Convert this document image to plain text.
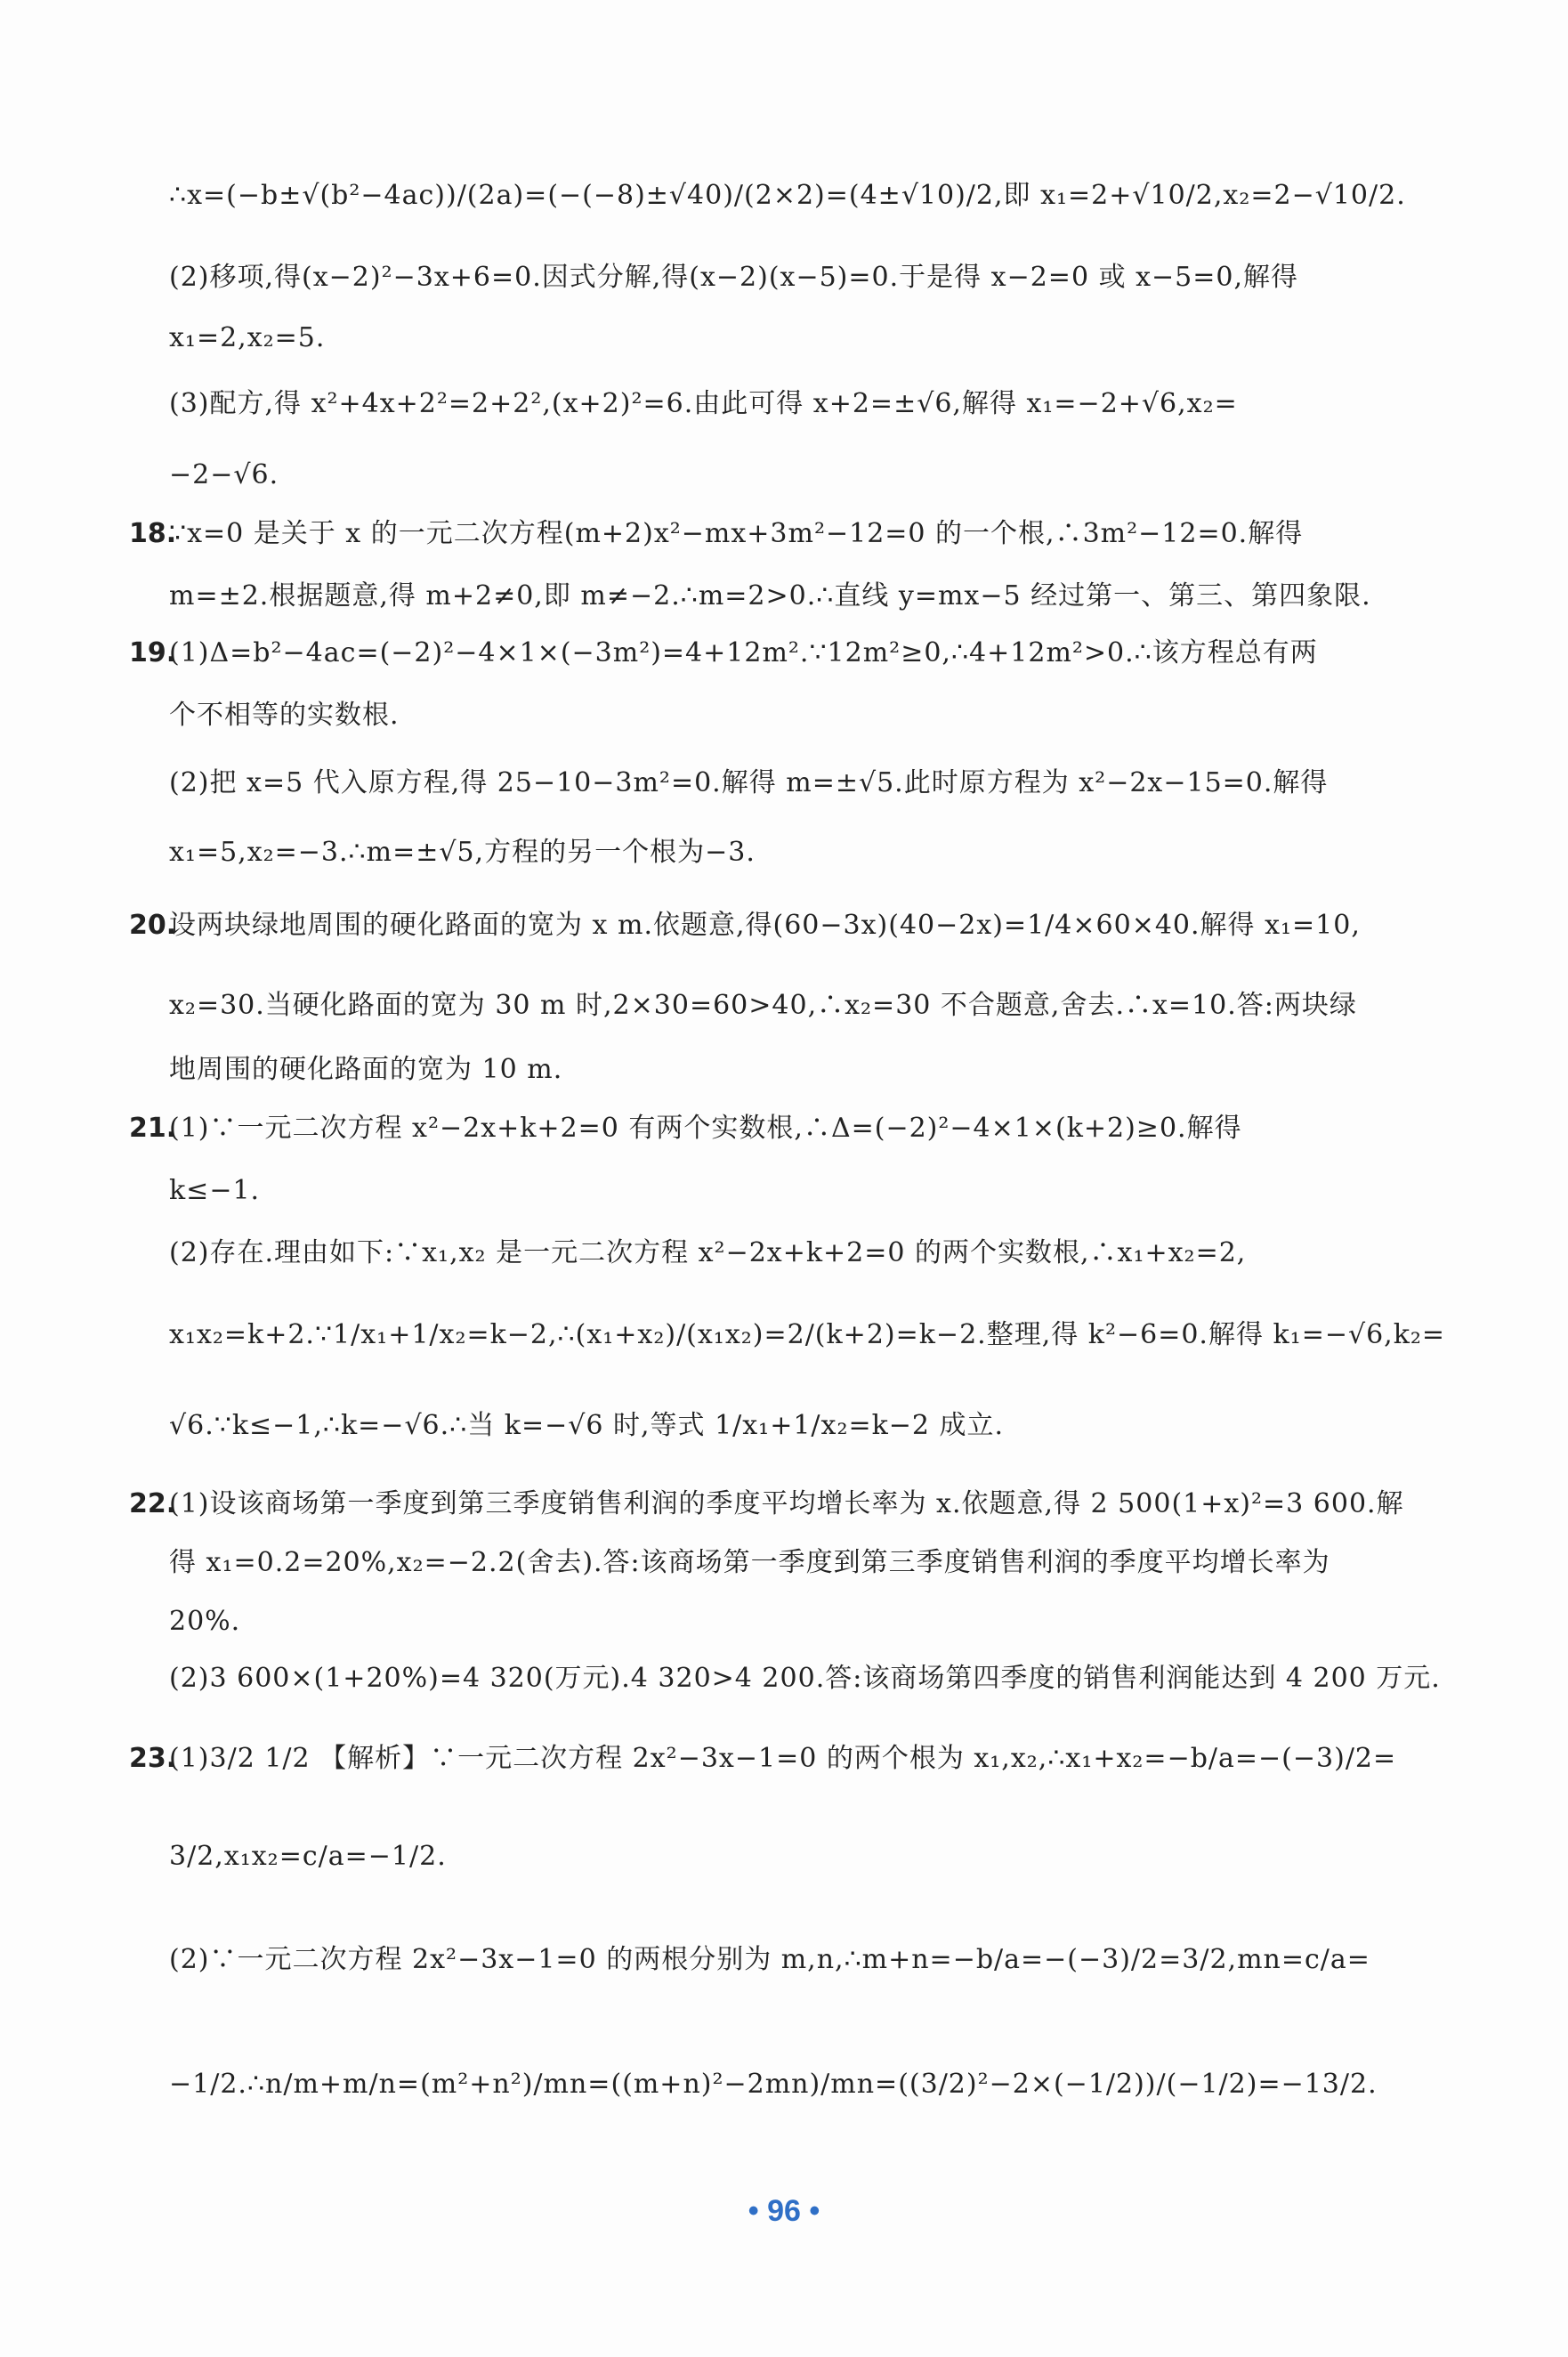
∴x=(−b±√(b²−4ac))/(2a)=(−(−8)±√40)/(2×2)=(4±√10)/2,即 x₁=2+√10/2,x₂=2−√10/2.
(2)移项,得(x−2)²−3x+6=0.因式分解,得(x−2)(x−5)=0.于是得 x−2=0 或 x−5=0,解得
x₁=2,x₂=5.
(3)配方,得 x²+4x+2²=2+2²,(x+2)²=6.由此可得 x+2=±√6,解得 x₁=−2+√6,x₂=
−2−√6.
18.
∵x=0 是关于 x 的一元二次方程(m+2)x²−mx+3m²−12=0 的一个根,∴3m²−12=0.解得
m=±2.根据题意,得 m+2≠0,即 m≠−2.∴m=2>0.∴直线 y=mx−5 经过第一、第三、第四象限.
19.
(1)Δ=b²−4ac=(−2)²−4×1×(−3m²)=4+12m².∵12m²≥0,∴4+12m²>0.∴该方程总有两
个不相等的实数根.
(2)把 x=5 代入原方程,得 25−10−3m²=0.解得 m=±√5.此时原方程为 x²−2x−15=0.解得
x₁=5,x₂=−3.∴m=±√5,方程的另一个根为−3.
20.
设两块绿地周围的硬化路面的宽为 x m.依题意,得(60−3x)(40−2x)=1/4×60×40.解得 x₁=10,
x₂=30.当硬化路面的宽为 30 m 时,2×30=60>40,∴x₂=30 不合题意,舍去.∴x=10.答:两块绿
地周围的硬化路面的宽为 10 m.
21.
(1)∵一元二次方程 x²−2x+k+2=0 有两个实数根,∴Δ=(−2)²−4×1×(k+2)≥0.解得
k≤−1.
(2)存在.理由如下:∵x₁,x₂ 是一元二次方程 x²−2x+k+2=0 的两个实数根,∴x₁+x₂=2,
x₁x₂=k+2.∵1/x₁+1/x₂=k−2,∴(x₁+x₂)/(x₁x₂)=2/(k+2)=k−2.整理,得 k²−6=0.解得 k₁=−√6,k₂=
√6.∵k≤−1,∴k=−√6.∴当 k=−√6 时,等式 1/x₁+1/x₂=k−2 成立.
22.
(1)设该商场第一季度到第三季度销售利润的季度平均增长率为 x.依题意,得 2 500(1+x)²=3 600.解
得 x₁=0.2=20%,x₂=−2.2(舍去).答:该商场第一季度到第三季度销售利润的季度平均增长率为
20%.
(2)3 600×(1+20%)=4 320(万元).4 320>4 200.答:该商场第四季度的销售利润能达到 4 200 万元.
23.
(1)3/2 1/2 【解析】∵一元二次方程 2x²−3x−1=0 的两个根为 x₁,x₂,∴x₁+x₂=−b/a=−(−3)/2=
3/2,x₁x₂=c/a=−1/2.
(2)∵一元二次方程 2x²−3x−1=0 的两根分别为 m,n,∴m+n=−b/a=−(−3)/2=3/2,mn=c/a=
−1/2.∴n/m+m/n=(m²+n²)/mn=((m+n)²−2mn)/mn=((3/2)²−2×(−1/2))/(−1/2)=−13/2.
• 96 •
